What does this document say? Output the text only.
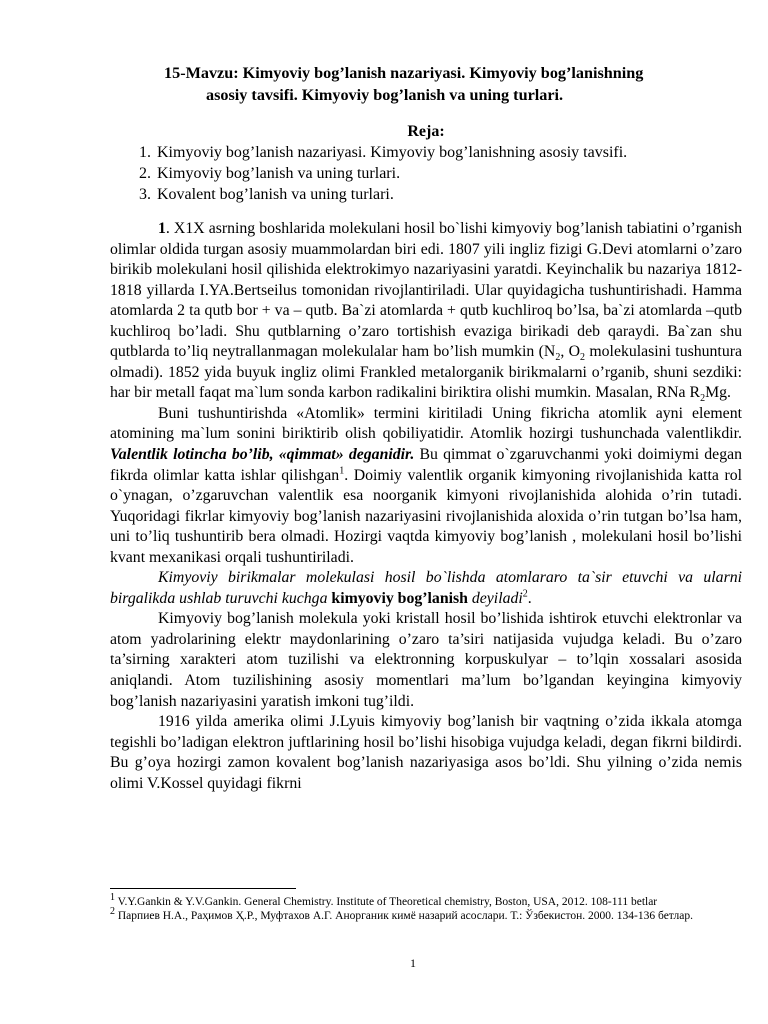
15-Mavzu: Kimyoviy bog’lanish nazariyasi. Kimyoviy bog’lanishning
asosiy tavsifi. Kimyoviy bog’lanish va uning turlari.
Reja:
1. Kimyoviy bog’lanish nazariyasi. Kimyoviy bog’lanishning asosiy tavsifi.
2. Kimyoviy bog’lanish va uning turlari.
3. Kovalent bog’lanish va uning turlari.

1. X1X asrning boshlarida molekulani hosil bo`lishi kimyoviy bog’lanish tabiatini o’rganish olimlar oldida turgan asosiy muammolardan biri edi. 1807 yili ingliz fizigi G.Devi atomlarni o’zaro birikib molekulani hosil qilishida elektrokimyo nazariyasini yaratdi. Keyinchalik bu nazariya 1812-1818 yillarda I.YA.Bertseilus tomonidan rivojlantiriladi. Ular quyidagicha tushuntirishadi. Hamma atomlarda 2 ta qutb bor + va – qutb. Ba`zi atomlarda + qutb kuchliroq bo’lsa, ba`zi atomlarda –qutb kuchliroq bo’ladi. Shu qutblarning o’zaro tortishish evaziga birikadi deb qaraydi. Ba`zan shu qutblarda to’liq neytrallanmagan molekulalar ham bo’lish mumkin ($N_2$, $O_2$ molekulasini tushuntura olmadi). 1852 yida buyuk ingliz olimi Frankled metalorganik birikmalarni o’rganib, shuni sezdiki: har bir metall faqat ma`lum sonda karbon radikalini biriktira olishi mumkin. Masalan, RNa $R_2Mg$.

Buni tushuntirishda «Atomlik» termini kiritiladi Uning fikricha atomlik ayni element atomining ma`lum sonini biriktirib olish qobiliyatidir. Atomlik hozirgi tushunchada valentlikdir. Valentlik lotincha bo’lib, «qimmat» deganidir. Bu qimmat o`zgaruvchanmi yoki doimiymi degan fikrda olimlar katta ishlar qilishgan$^1$. Doimiy valentlik organik kimyoning rivojlanishida katta rol o`ynagan, o’zgaruvchan valentlik esa noorganik kimyoni rivojlanishida alohida o’rin tutadi. Yuqoridagi fikrlar kimyoviy bog’lanish nazariyasini rivojlanishida aloxida o’rin tutgan bo’lsa ham, uni to’liq tushuntirib bera olmadi. Hozirgi vaqtda kimyoviy bog’lanish , molekulani hosil bo’lishi kvant mexanikasi orqali tushuntiriladi.

Kimyoviy birikmalar molekulasi hosil bo`lishda atomlararo ta`sir etuvchi va ularni birgalikda ushlab turuvchi kuchga kimyoviy bog’lanish deyiladi$^2$.

Kimyoviy bog’lanish molekula yoki kristall hosil bo’lishida ishtirok etuvchi elektronlar va atom yadrolarining elektr maydonlarining o’zaro ta’siri natijasida vujudga keladi. Bu o’zaro ta’sirning xarakteri atom tuzilishi va elektronning korpuskulyar – to’lqin xossalari asosida aniqlandi. Atom tuzilishining asosiy momentlari ma’lum bo’lgandan keyingina kimyoviy bog’lanish nazariyasini yaratish imkoni tug’ildi.

1916 yilda amerika olimi J.Lyuis kimyoviy bog’lanish bir vaqtning o’zida ikkala atomga tegishli bo’ladigan elektron juftlarining hosil bo’lishi hisobiga vujudga keladi, degan fikrni bildirdi. Bu g’oya hozirgi zamon kovalent bog’lanish nazariyasiga asos bo’ldi. Shu yilning o’zida nemis olimi V.Kossel quyidagi fikrni

$^1$ V.Y.Gankin & Y.V.Gankin. General Chemistry. Institute of Theoretical chemistry, Boston, USA, 2012. 108-111 betlar

$^2$ Парпиев Н.А., Раҳимов Ҳ.Р., Муфтахов А.Г. Анорганик кимё назарий асослари. Т.: Ўзбекистон. 2000. 134-136 бетлар.

1
